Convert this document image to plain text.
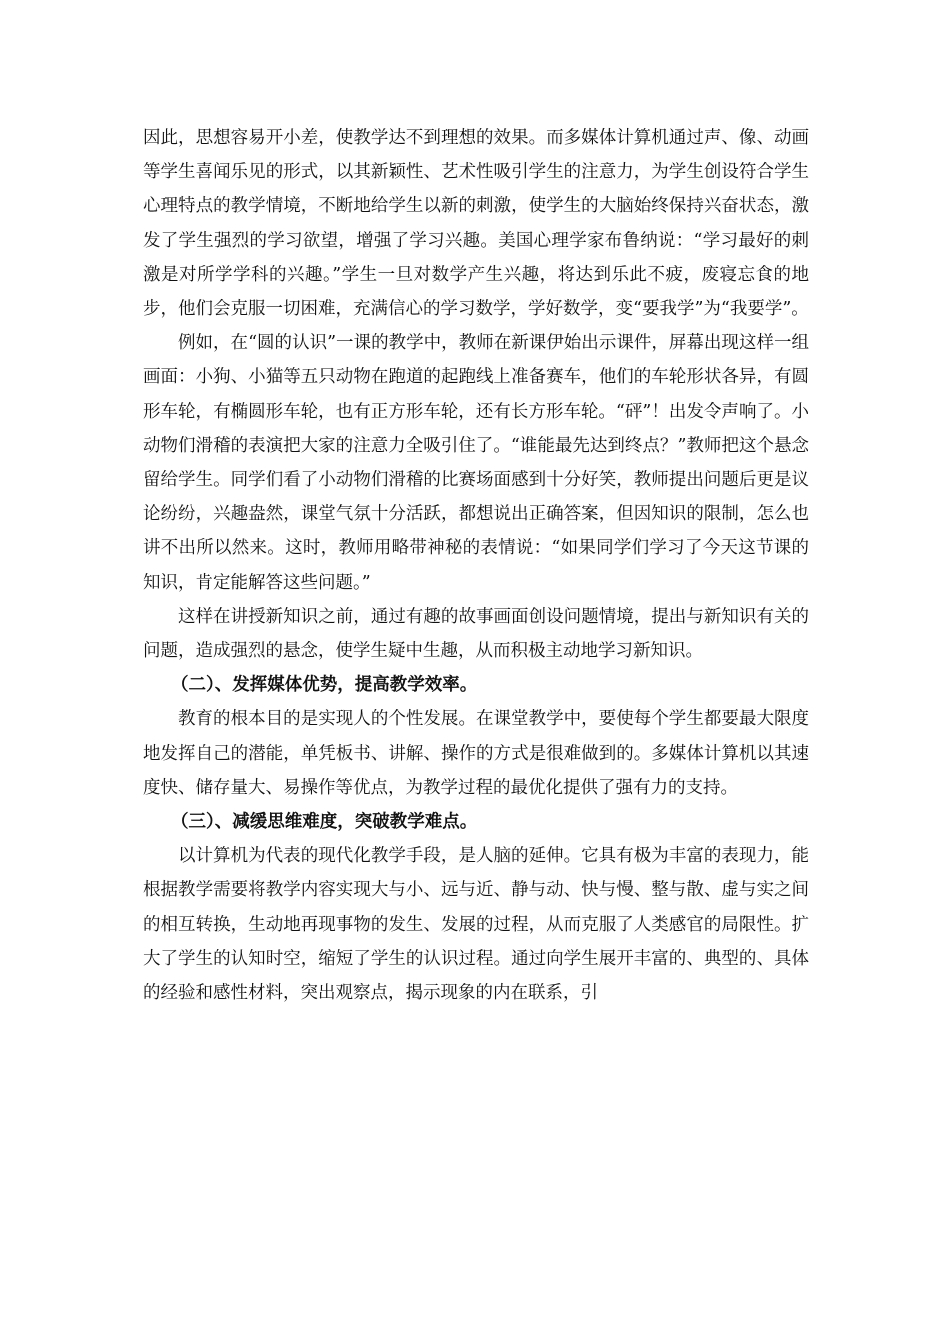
因此，思想容易开小差，使教学达不到理想的效果。而多媒体计算机通过声、像、动画等学生喜闻乐见的形式，以其新颖性、艺术性吸引学生的注意力，为学生创设符合学生心理特点的教学情境，不断地给学生以新的刺激，使学生的大脑始终保持兴奋状态，激发了学生强烈的学习欲望，增强了学习兴趣。美国心理学家布鲁纳说：“学习最好的刺激是对所学学科的兴趣。”学生一旦对数学产生兴趣，将达到乐此不疲，废寝忘食的地步，他们会克服一切困难，充满信心的学习数学，学好数学，变“要我学”为“我要学”。

例如，在“圆的认识”一课的教学中，教师在新课伊始出示课件，屏幕出现这样一组画面：小狗、小猫等五只动物在跑道的起跑线上准备赛车，他们的车轮形状各异，有圆形车轮，有椭圆形车轮，也有正方形车轮，还有长方形车轮。“砰”！出发令声响了。小动物们滑稽的表演把大家的注意力全吸引住了。“谁能最先达到终点？”教师把这个悬念留给学生。同学们看了小动物们滑稽的比赛场面感到十分好笑，教师提出问题后更是议论纷纷，兴趣盎然，课堂气氛十分活跃，都想说出正确答案，但因知识的限制，怎么也讲不出所以然来。这时，教师用略带神秘的表情说：“如果同学们学习了今天这节课的知识，肯定能解答这些问题。”

这样在讲授新知识之前，通过有趣的故事画面创设问题情境，提出与新知识有关的问题，造成强烈的悬念，使学生疑中生趣，从而积极主动地学习新知识。

（二）、发挥媒体优势，提高教学效率。

教育的根本目的是实现人的个性发展。在课堂教学中，要使每个学生都要最大限度地发挥自己的潜能，单凭板书、讲解、操作的方式是很难做到的。多媒体计算机以其速度快、储存量大、易操作等优点，为教学过程的最优化提供了强有力的支持。

（三）、减缓思维难度，突破教学难点。

以计算机为代表的现代化教学手段，是人脑的延伸。它具有极为丰富的表现力，能根据教学需要将教学内容实现大与小、远与近、静与动、快与慢、整与散、虚与实之间的相互转换，生动地再现事物的发生、发展的过程，从而克服了人类感官的局限性。扩大了学生的认知时空，缩短了学生的认识过程。通过向学生展开丰富的、典型的、具体的经验和感性材料，突出观察点，揭示现象的内在联系，引
